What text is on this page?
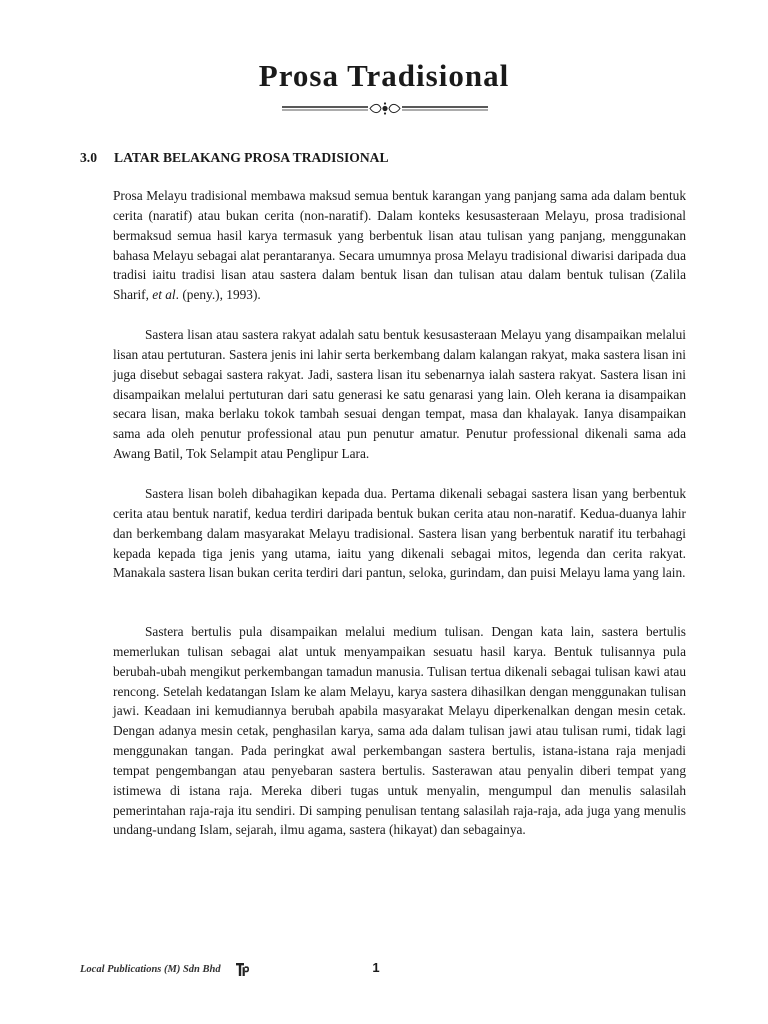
Prosa Tradisional
3.0 LATAR BELAKANG PROSA TRADISIONAL

Prosa Melayu tradisional membawa maksud semua bentuk karangan yang panjang sama ada dalam bentuk cerita (naratif) atau bukan cerita (non-naratif). Dalam konteks kesusasteraan Melayu, prosa tradisional bermaksud semua hasil karya termasuk yang berbentuk lisan atau tulisan yang panjang, menggunakan bahasa Melayu sebagai alat perantaranya. Secara umumnya prosa Melayu tradisional diwarisi daripada dua tradisi iaitu tradisi lisan atau sastera dalam bentuk lisan dan tulisan atau dalam bentuk tulisan (Zalila Sharif, et al. (peny.), 1993).

Sastera lisan atau sastera rakyat adalah satu bentuk kesusasteraan Melayu yang disampaikan melalui lisan atau pertuturan. Sastera jenis ini lahir serta berkembang dalam kalangan rakyat, maka sastera lisan ini juga disebut sebagai sastera rakyat. Jadi, sastera lisan itu sebenarnya ialah sastera rakyat. Sastera lisan ini disampaikan melalui pertuturan dari satu generasi ke satu genarasi yang lain. Oleh kerana ia disampaikan secara lisan, maka berlaku tokok tambah sesuai dengan tempat, masa dan khalayak. Ianya disampaikan sama ada oleh penutur professional atau pun penutur amatur. Penutur professional dikenali sama ada Awang Batil, Tok Selampit atau Penglipur Lara.

Sastera lisan boleh dibahagikan kepada dua. Pertama dikenali sebagai sastera lisan yang berbentuk cerita atau bentuk naratif, kedua terdiri daripada bentuk bukan cerita atau non-naratif. Kedua-duanya lahir dan berkembang dalam masyarakat Melayu tradisional. Sastera lisan yang berbentuk naratif itu terbahagi kepada kepada tiga jenis yang utama, iaitu yang dikenali sebagai mitos, legenda dan cerita rakyat. Manakala sastera lisan bukan cerita terdiri dari pantun, seloka, gurindam, dan puisi Melayu lama yang lain.

Sastera bertulis pula disampaikan melalui medium tulisan. Dengan kata lain, sastera bertulis memerlukan tulisan sebagai alat untuk menyampaikan sesuatu hasil karya. Bentuk tulisannya pula berubah-ubah mengikut perkembangan tamadun manusia. Tulisan tertua dikenali sebagai tulisan kawi atau rencong. Setelah kedatangan Islam ke alam Melayu, karya sastera dihasilkan dengan menggunakan tulisan jawi. Keadaan ini kemudiannya berubah apabila masyarakat Melayu diperkenalkan dengan mesin cetak. Dengan adanya mesin cetak, penghasilan karya, sama ada dalam tulisan jawi atau tulisan rumi, tidak lagi menggunakan tangan. Pada peringkat awal perkembangan sastera bertulis, istana-istana raja menjadi tempat pengembangan atau penyebaran sastera bertulis. Sasterawan atau penyalin diberi tempat yang istimewa di istana raja. Mereka diberi tugas untuk menyalin, mengumpul dan menulis salasilah pemerintahan raja-raja itu sendiri. Di samping penulisan tentang salasilah raja-raja, ada juga yang menulis undang-undang Islam, sejarah, ilmu agama, sastera (hikayat) dan sebagainya.

Local Publications (M) Sdn Bhd	1
